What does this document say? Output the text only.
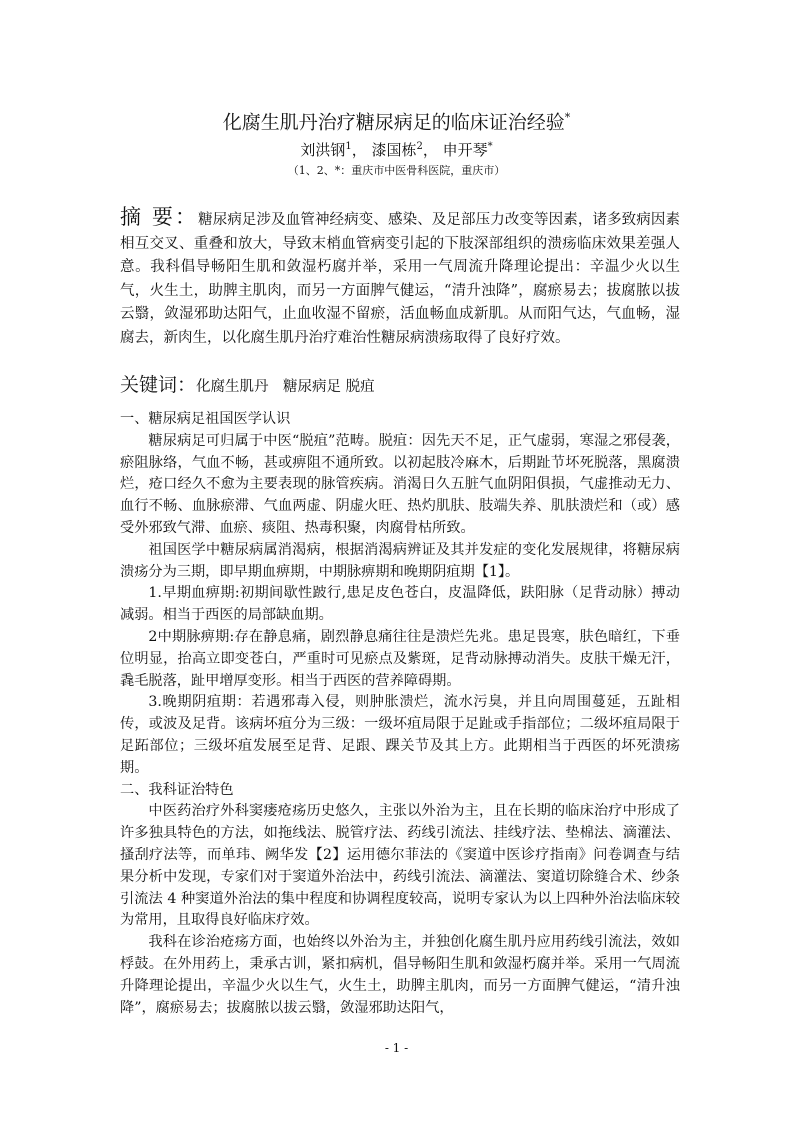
化腐生肌丹治疗糖尿病足的临床证治经验*
刘洪钢$^1$， 漆国栋$^2$， 申开琴*
（1、2、*：重庆市中医骨科医院，重庆市）

摘 要：糖尿病足涉及血管神经病变、感染、及足部压力改变等因素，诸多致病因素相互交叉、重叠和放大，导致末梢血管病变引起的下肢深部组织的溃疡临床效果差强人意。我科倡导畅阳生肌和敛湿朽腐并举，采用一气周流升降理论提出：辛温少火以生气，火生土，助脾主肌肉，而另一方面脾气健运，“清升浊降”，腐瘀易去；拔腐脓以拔云翳，敛湿邪助达阳气，止血收湿不留瘀，活血畅血成新肌。从而阳气达，气血畅，湿腐去，新肉生，以化腐生肌丹治疗难治性糖尿病溃疡取得了良好疗效。

关键词：化腐生肌丹　糖尿病足 脱疽

一、糖尿病足祖国医学认识

糖尿病足可归属于中医“脱疽”范畴。脱疽：因先天不足，正气虚弱，寒湿之邪侵袭，瘀阻脉络，气血不畅，甚或痹阻不通所致。以初起肢冷麻木，后期趾节坏死脱落，黑腐溃烂，疮口经久不愈为主要表现的脉管疾病。消渴日久五脏气血阴阳俱损，气虚推动无力、血行不畅、血脉瘀滞、气血两虚、阴虚火旺、热灼肌肤、肢端失养、肌肤溃烂和（或）感受外邪致气滞、血瘀、痰阻、热毒积聚，肉腐骨枯所致。

祖国医学中糖尿病属消渴病，根据消渴病辨证及其并发症的变化发展规律，将糖尿病溃疡分为三期，即早期血痹期，中期脉痹期和晚期阴疽期【1】。

1.早期血痹期:初期间歇性跛行,患足皮色苍白，皮温降低，趺阳脉（足背动脉）搏动减弱。相当于西医的局部缺血期。

2中期脉痹期:存在静息痛，剧烈静息痛往往是溃烂先兆。患足畏寒，肤色暗红，下垂位明显，抬高立即变苍白，严重时可见瘀点及紫斑，足背动脉搏动消失。皮肤干燥无汗，毳毛脱落，趾甲增厚变形。相当于西医的营养障碍期。

3.晚期阴疽期：若遇邪毒入侵，则肿胀溃烂，流水污臭，并且向周围蔓延，五趾相传，或波及足背。该病坏疽分为三级：一级坏疽局限于足趾或手指部位；二级坏疽局限于足跖部位；三级坏疽发展至足背、足跟、踝关节及其上方。此期相当于西医的坏死溃疡期。

二、我科证治特色

中医药治疗外科窦瘘疮疡历史悠久，主张以外治为主，且在长期的临床治疗中形成了许多独具特色的方法，如拖线法、脱管疗法、药线引流法、挂线疗法、垫棉法、滴灌法、搔刮疗法等，而单玮、阙华发【2】运用德尔菲法的《窦道中医诊疗指南》问卷调查与结果分析中发现，专家们对于窦道外治法中，药线引流法、滴灌法、窦道切除缝合术、纱条引流法 4 种窦道外治法的集中程度和协调程度较高，说明专家认为以上四种外治法临床较为常用，且取得良好临床疗效。

我科在诊治疮疡方面，也始终以外治为主，并独创化腐生肌丹应用药线引流法，效如桴鼓。在外用药上，秉承古训，紧扣病机，倡导畅阳生肌和敛湿朽腐并举。采用一气周流升降理论提出，辛温少火以生气，火生土，助脾主肌肉，而另一方面脾气健运，“清升浊降”，腐瘀易去；拔腐脓以拔云翳，敛湿邪助达阳气，

- 1 -
